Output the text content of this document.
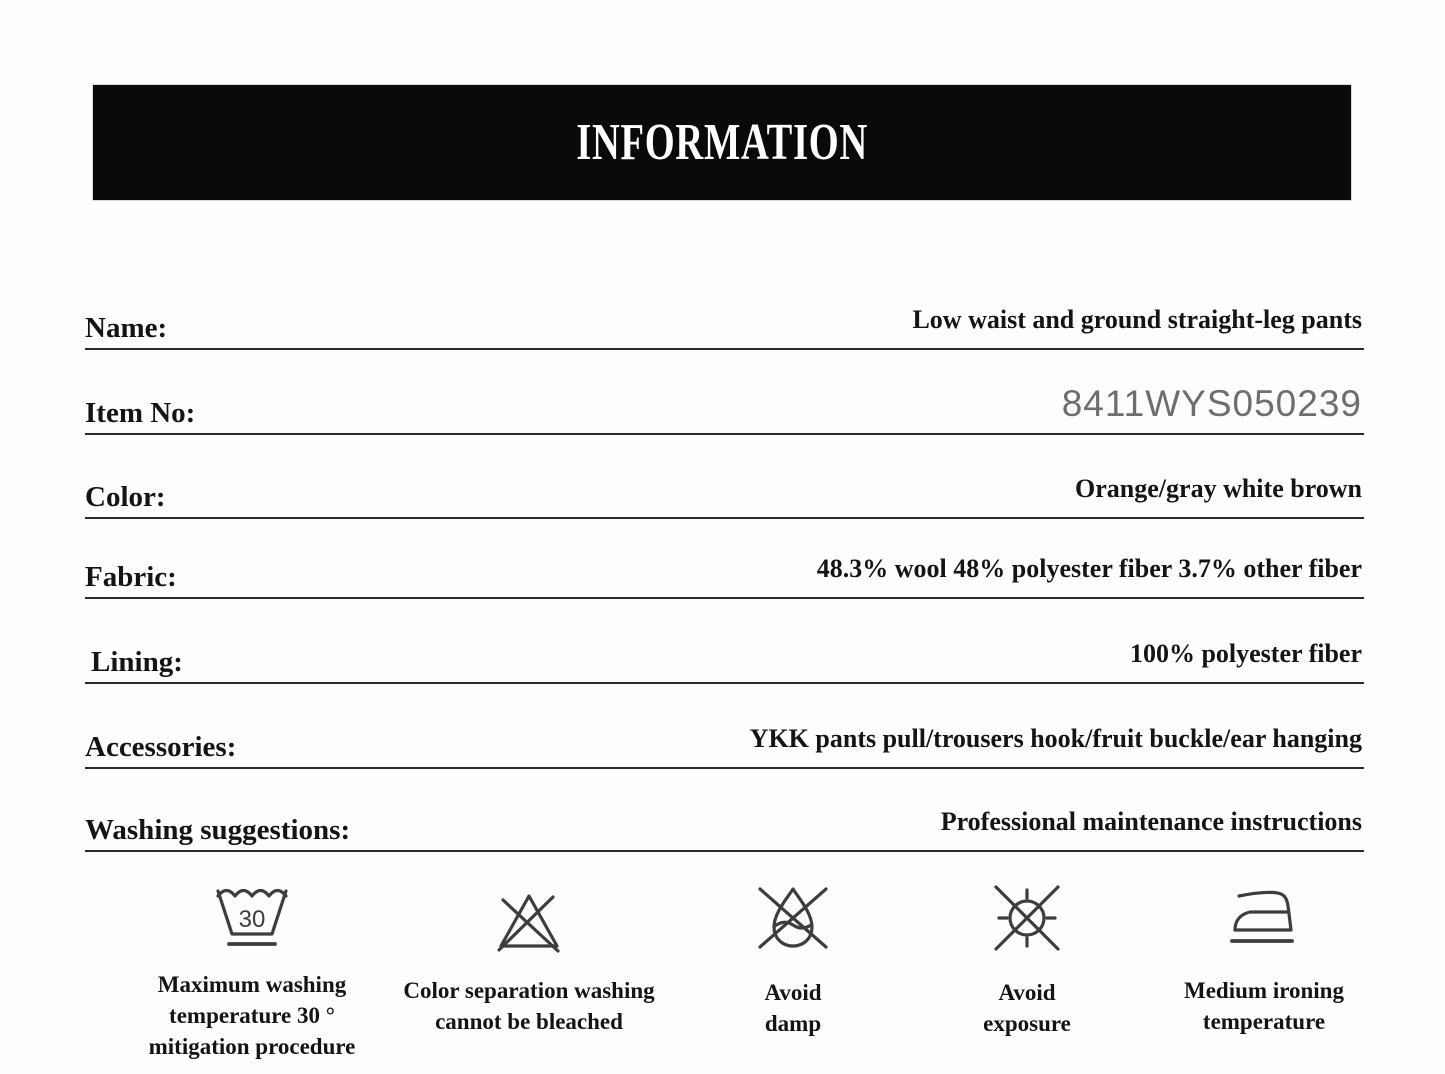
INFORMATION
Name:	Low waist and ground straight-leg pants
Item No:	8411WYS050239
Color:	Orange/gray white brown
Fabric:	48.3% wool 48% polyester fiber 3.7% other fiber
Lining:	100% polyester fiber
Accessories:	YKK pants pull/trousers hook/fruit buckle/ear hanging
Washing suggestions:	Professional maintenance instructions
30
Maximum washing temperature 30 ° mitigation procedure
Color separation washing cannot be bleached
Avoid damp
Avoid exposure
Medium ironing temperature
